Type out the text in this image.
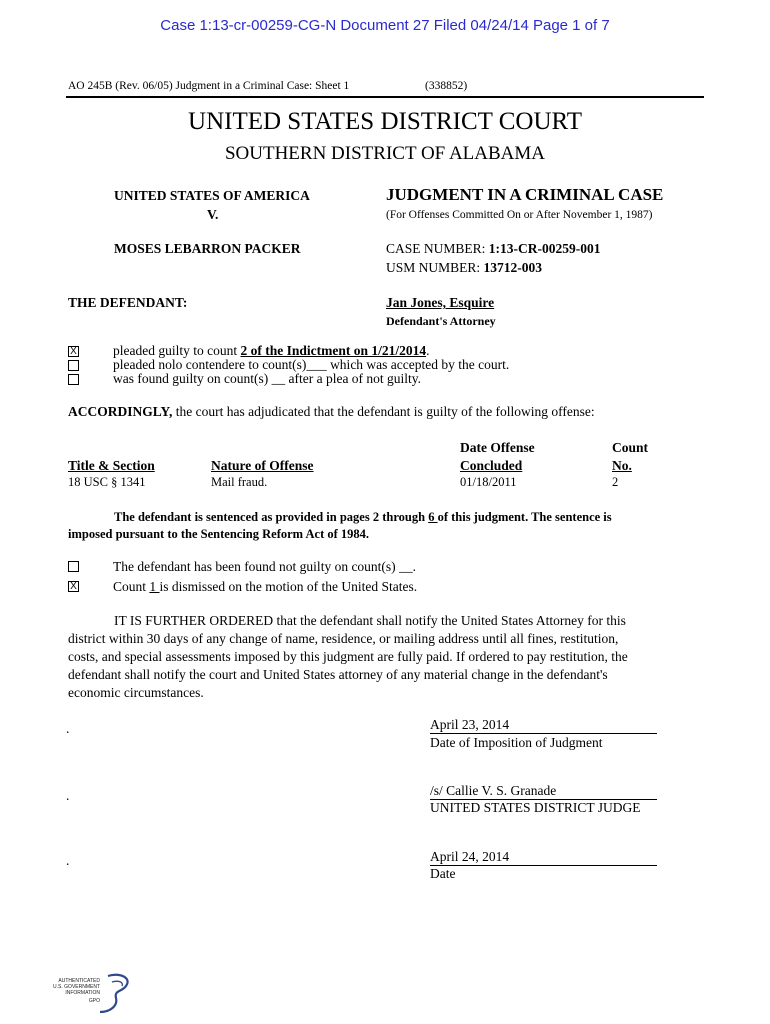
Case 1:13-cr-00259-CG-N Document 27 Filed 04/24/14 Page 1 of 7
AO 245B (Rev. 06/05) Judgment in a Criminal Case: Sheet 1	(338852)
UNITED STATES DISTRICT COURT
SOUTHERN DISTRICT OF ALABAMA
UNITED STATES OF AMERICA
V.
MOSES LEBARRON PACKER
JUDGMENT IN A CRIMINAL CASE
(For Offenses Committed On or After November 1, 1987)
CASE NUMBER: 1:13-CR-00259-001
USM NUMBER: 13712-003
THE DEFENDANT:	Jan Jones, Esquire
Defendant's Attorney
X	pleaded guilty to count 2 of the Indictment on 1/21/2014.
pleaded nolo contendere to count(s)___ which was accepted by the court.
was found guilty on count(s) __ after a plea of not guilty.
ACCORDINGLY, the court has adjudicated that the defendant is guilty of the following offense:
Date Offense	Count
Title & Section	Nature of Offense	Concluded	No.
18 USC § 1341	Mail fraud.	01/18/2011	2
The defendant is sentenced as provided in pages 2 through 6 of this judgment. The sentence is
imposed pursuant to the Sentencing Reform Act of 1984.
The defendant has been found not guilty on count(s) __.
X	Count 1 is dismissed on the motion of the United States.
IT IS FURTHER ORDERED that the defendant shall notify the United States Attorney for this
district within 30 days of any change of name, residence, or mailing address until all fines, restitution,
costs, and special assessments imposed by this judgment are fully paid. If ordered to pay restitution, the
defendant shall notify the court and United States attorney of any material change in the defendant's
economic circumstances.
.	April 23, 2014
Date of Imposition of Judgment
.	/s/ Callie V. S. Granade
UNITED STATES DISTRICT JUDGE
.	April 24, 2014
Date
AUTHENTICATED
U.S. GOVERNMENT
INFORMATION
GPO
